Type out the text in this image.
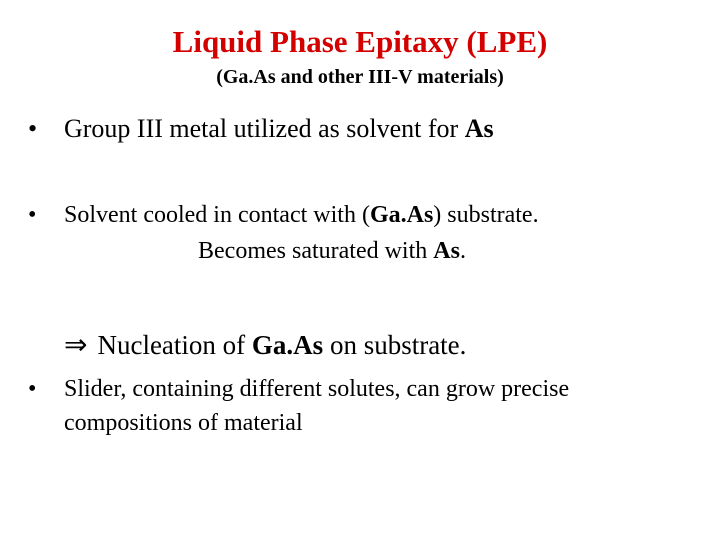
Liquid Phase Epitaxy (LPE)
(Ga.As and other III-V materials)
• Group III metal utilized as solvent for As
• Solvent cooled in contact with (Ga.As) substrate.
Becomes saturated with As.
⇒ Nucleation of Ga.As on substrate.
• Slider, containing different solutes, can grow precise compositions of material
